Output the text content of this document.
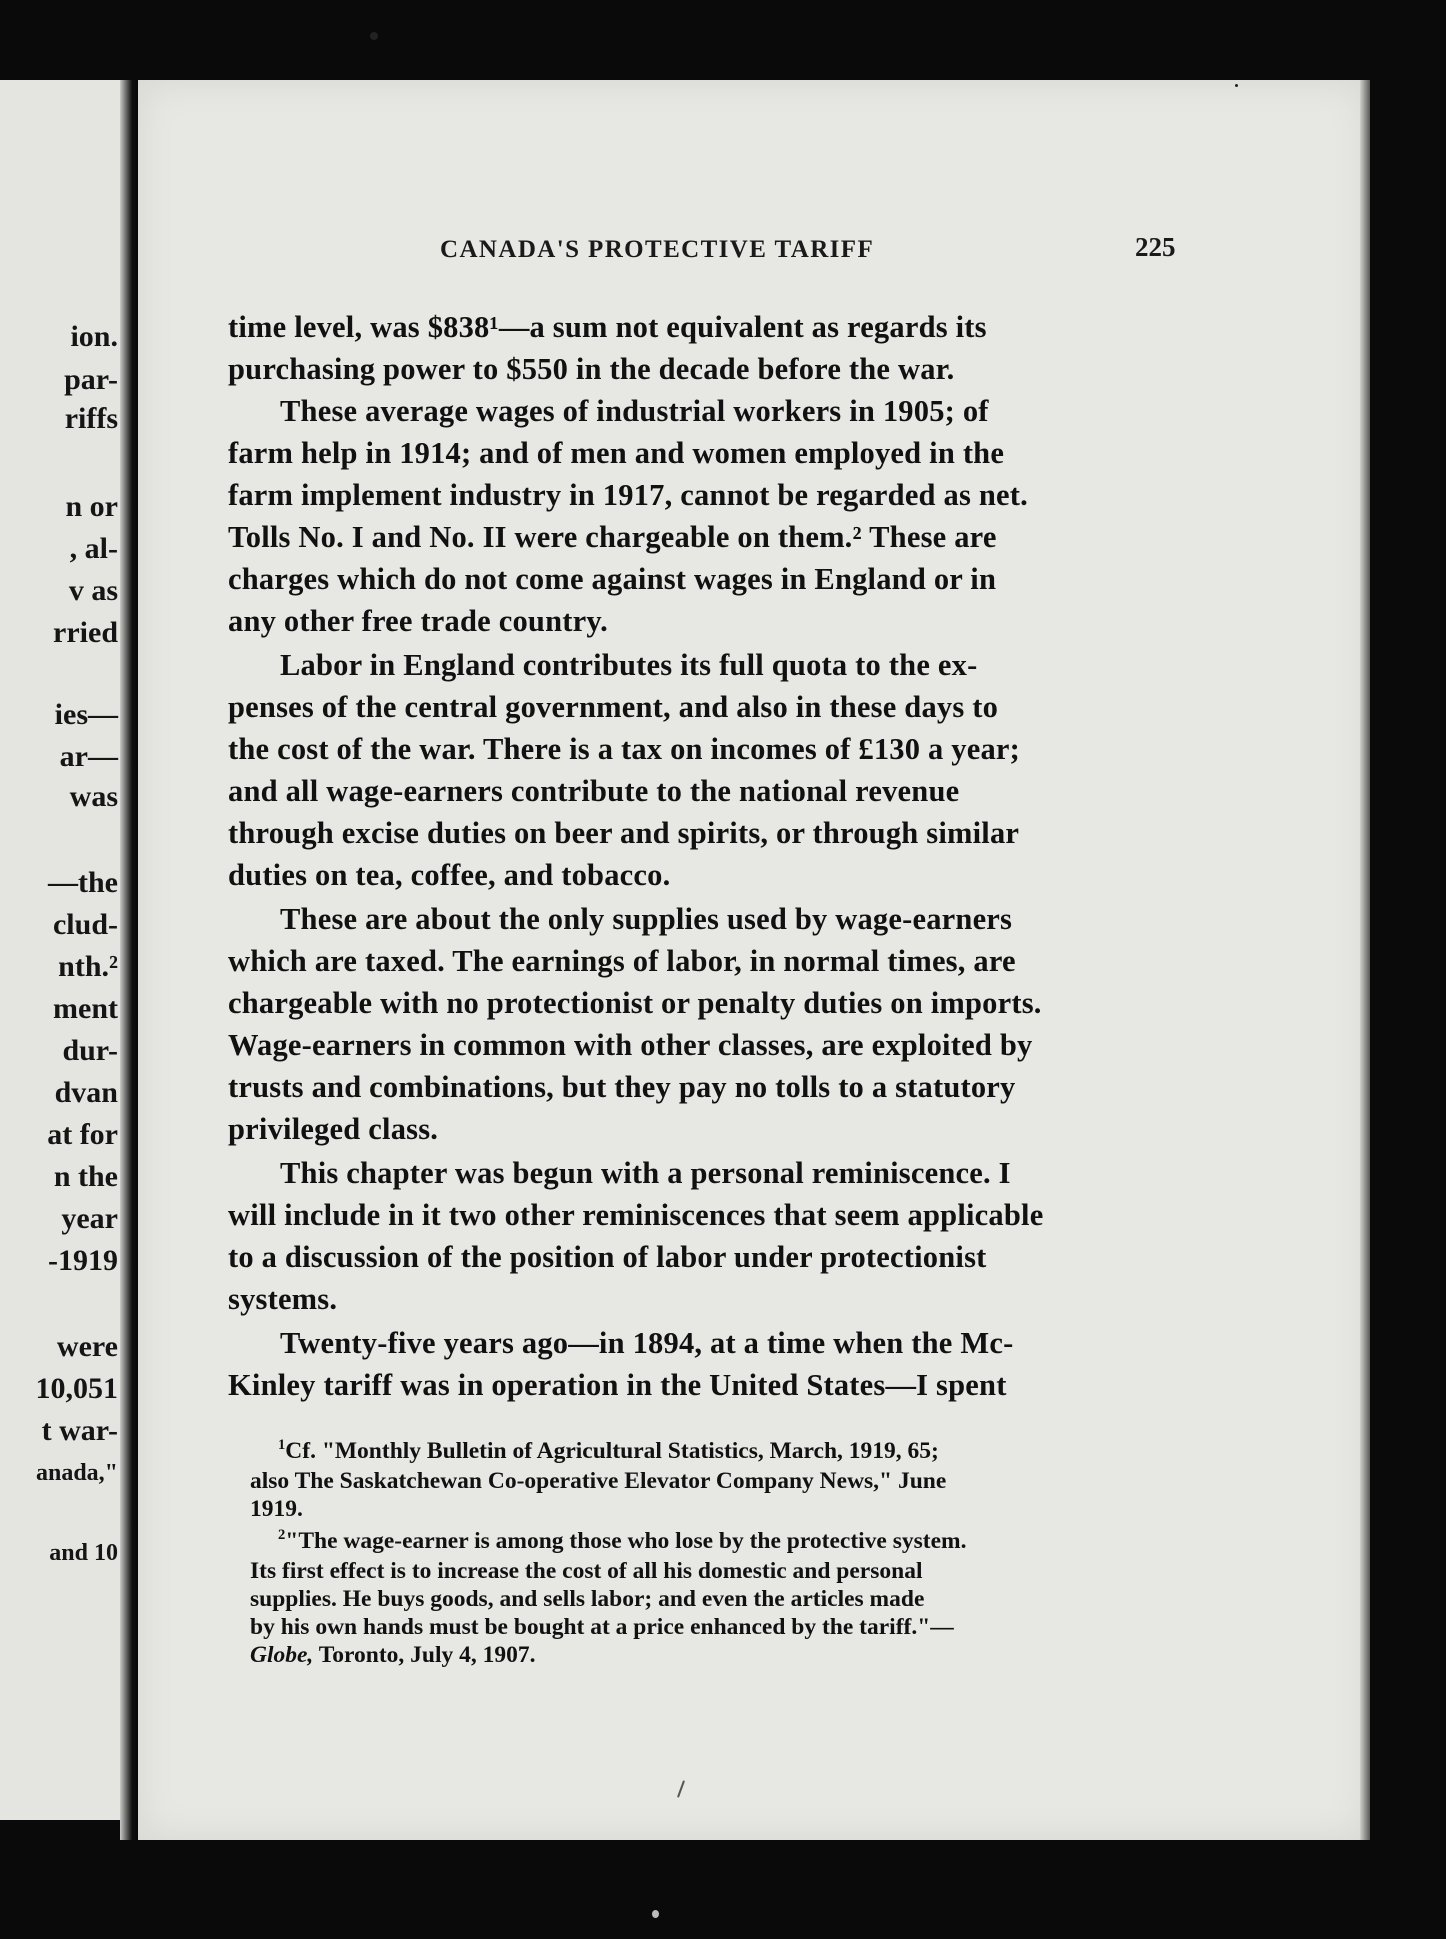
ion.
par-
riffs
n or
, al-
v as
rried
ies—
ar—
was
—the
clud-
nth.²
ment
dur-
dvan
at for
n the
year
-1919
were
10,051
t war-
anada,"
and 10
CANADA'S PROTECTIVE TARIFF	225
time level, was $838¹—a sum not equivalent as regards its
purchasing power to $550 in the decade before the war.
These average wages of industrial workers in 1905; of
farm help in 1914; and of men and women employed in the
farm implement industry in 1917, cannot be regarded as net.
Tolls No. I and No. II were chargeable on them.² These are
charges which do not come against wages in England or in
any other free trade country.
Labor in England contributes its full quota to the ex-
penses of the central government, and also in these days to
the cost of the war. There is a tax on incomes of £130 a year;
and all wage-earners contribute to the national revenue
through excise duties on beer and spirits, or through similar
duties on tea, coffee, and tobacco.
These are about the only supplies used by wage-earners
which are taxed. The earnings of labor, in normal times, are
chargeable with no protectionist or penalty duties on imports.
Wage-earners in common with other classes, are exploited by
trusts and combinations, but they pay no tolls to a statutory
privileged class.
This chapter was begun with a personal reminiscence. I
will include in it two other reminiscences that seem applicable
to a discussion of the position of labor under protectionist
systems.
Twenty-five years ago—in 1894, at a time when the Mc-
Kinley tariff was in operation in the United States—I spent
$^1$Cf. "Monthly Bulletin of Agricultural Statistics, March, 1919, 65;
also The Saskatchewan Co-operative Elevator Company News," June
1919.
$^2$"The wage-earner is among those who lose by the protective system.
Its first effect is to increase the cost of all his domestic and personal
supplies. He buys goods, and sells labor; and even the articles made
by his own hands must be bought at a price enhanced by the tariff."—
Globe, Toronto, July 4, 1907.
